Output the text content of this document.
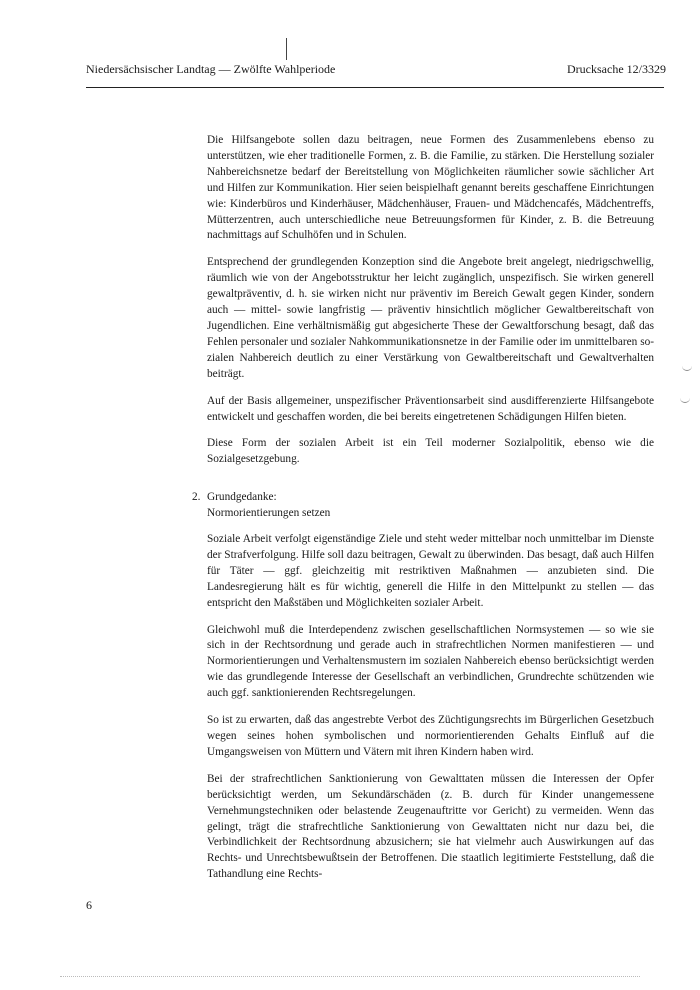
Niedersächsischer Landtag — Zwölfte Wahlperiode	Drucksache 12/3329

Die Hilfsangebote sollen dazu beitragen, neue Formen des Zusammenlebens ebenso zu unterstützen, wie eher traditionelle Formen, z. B. die Familie, zu stärken. Die Herstellung sozialer Nahbereichsnetze bedarf der Bereitstellung von Möglichkeiten räumlicher sowie sächlicher Art und Hilfen zur Kommunikation. Hier seien beispielhaft genannt bereits geschaffene Einrichtungen wie: Kinderbüros und Kinderhäuser, Mädchenhäuser, Frauen- und Mädchencafés, Mädchentreffs, Mütterzentren, auch unterschiedliche neue Betreuungsformen für Kinder, z. B. die Betreuung nachmittags auf Schulhöfen und in Schulen.

Entsprechend der grundlegenden Konzeption sind die Angebote breit angelegt, niedrigschwellig, räumlich wie von der Angebotsstruktur her leicht zugänglich, unspezifisch. Sie wirken generell gewaltpräventiv, d. h. sie wirken nicht nur präventiv im Bereich Gewalt gegen Kinder, sondern auch — mittel- sowie langfristig — präventiv hinsichtlich möglicher Gewaltbereitschaft von Jugendlichen. Eine verhältnismäßig gut abgesicherte These der Gewaltforschung besagt, daß das Fehlen personaler und sozialer Nahkommunikationsnetze in der Familie oder im unmittelbaren sozialen Nahbereich deutlich zu einer Verstärkung von Gewaltbereitschaft und Gewaltverhalten beiträgt.

Auf der Basis allgemeiner, unspezifischer Präventionsarbeit sind ausdifferenzierte Hilfsangebote entwickelt und geschaffen worden, die bei bereits eingetretenen Schädigungen Hilfen bieten.

Diese Form der sozialen Arbeit ist ein Teil moderner Sozialpolitik, ebenso wie die Sozialgesetzgebung.

2. Grundgedanke:
Normorientierungen setzen

Soziale Arbeit verfolgt eigenständige Ziele und steht weder mittelbar noch unmittelbar im Dienste der Strafverfolgung. Hilfe soll dazu beitragen, Gewalt zu überwinden. Das besagt, daß auch Hilfen für Täter — ggf. gleichzeitig mit restriktiven Maßnahmen — anzubieten sind. Die Landesregierung hält es für wichtig, generell die Hilfe in den Mittelpunkt zu stellen — das entspricht den Maßstäben und Möglichkeiten sozialer Arbeit.

Gleichwohl muß die Interdependenz zwischen gesellschaftlichen Normsystemen — so wie sie sich in der Rechtsordnung und gerade auch in strafrechtlichen Normen manifestieren — und Normorientierungen und Verhaltensmustern im sozialen Nahbereich ebenso berücksichtigt werden wie das grundlegende Interesse der Gesellschaft an verbindlichen, Grundrechte schützenden wie auch ggf. sanktionierenden Rechtsregelungen.

So ist zu erwarten, daß das angestrebte Verbot des Züchtigungsrechts im Bürgerlichen Gesetzbuch wegen seines hohen symbolischen und normorientierenden Gehalts Einfluß auf die Umgangsweisen von Müttern und Vätern mit ihren Kindern haben wird.

Bei der strafrechtlichen Sanktionierung von Gewalttaten müssen die Interessen der Opfer berücksichtigt werden, um Sekundärschäden (z. B. durch für Kinder unangemessene Vernehmungstechniken oder belastende Zeugenauftritte vor Gericht) zu vermeiden. Wenn das gelingt, trägt die strafrechtliche Sanktionierung von Gewalttaten nicht nur dazu bei, die Verbindlichkeit der Rechtsordnung abzusichern; sie hat vielmehr auch Auswirkungen auf das Rechts- und Unrechtsbewußtsein der Betroffenen. Die staatlich legitimierte Feststellung, daß die Tathandlung eine Rechts-

6
